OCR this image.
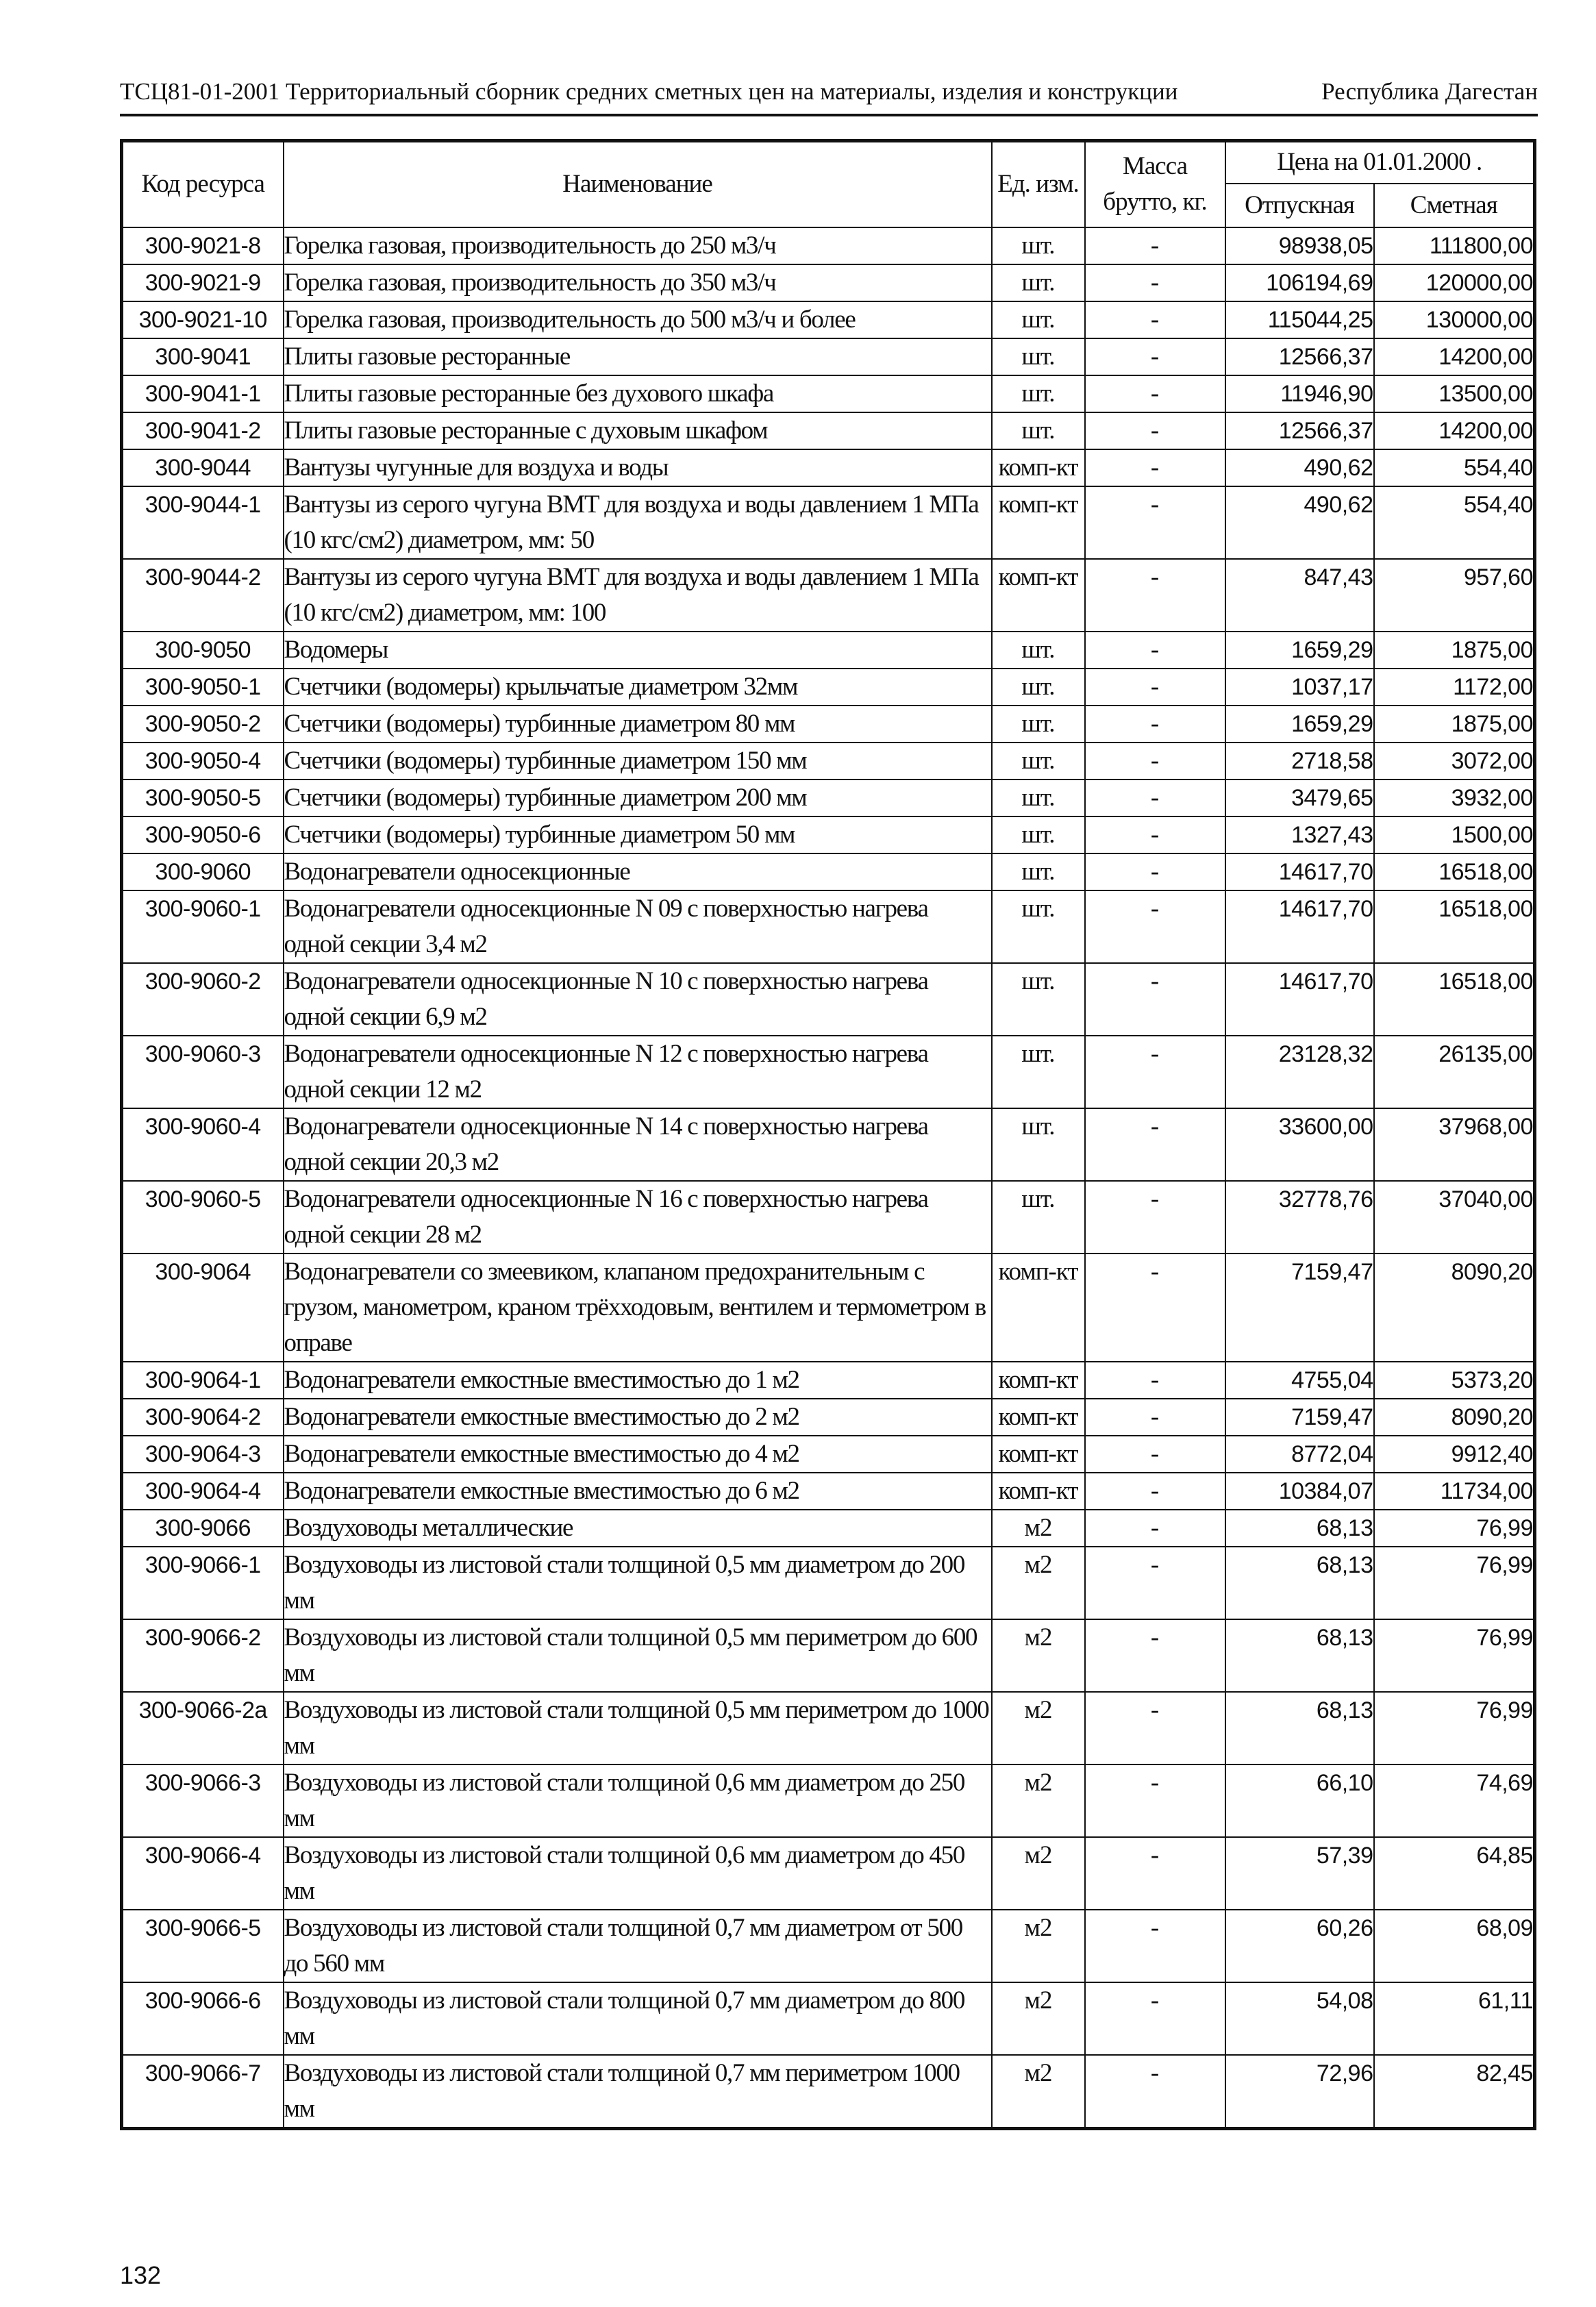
ТСЦ81-01-2001 Территориальный сборник средних сметных цен на материалы, изделия и конструкции	Республика Дагестан
Код ресурса	Наименование	Ед. изм.	Масса брутто, кг.	Цена на 01.01.2000 .	
				Отпускная	Сметная
300-9021-8	Горелка газовая, производительность до 250 м3/ч	шт.	-	98938,05	111800,00
300-9021-9	Горелка газовая, производительность до 350 м3/ч	шт.	-	106194,69	120000,00
300-9021-10	Горелка газовая, производительность до 500 м3/ч и более	шт.	-	115044,25	130000,00
300-9041	Плиты газовые ресторанные	шт.	-	12566,37	14200,00
300-9041-1	Плиты газовые ресторанные без духового шкафа	шт.	-	11946,90	13500,00
300-9041-2	Плиты газовые ресторанные с духовым шкафом	шт.	-	12566,37	14200,00
300-9044	Вантузы чугунные для воздуха и воды	комп-кт	-	490,62	554,40
300-9044-1	Вантузы из серого чугуна ВМТ для воздуха и воды давлением 1 МПа (10 кгс/см2) диаметром, мм: 50	комп-кт	-	490,62	554,40
300-9044-2	Вантузы из серого чугуна ВМТ для воздуха и воды давлением 1 МПа (10 кгс/см2) диаметром, мм: 100	комп-кт	-	847,43	957,60
300-9050	Водомеры	шт.	-	1659,29	1875,00
300-9050-1	Счетчики (водомеры) крыльчатые диаметром 32мм	шт.	-	1037,17	1172,00
300-9050-2	Счетчики (водомеры) турбинные диаметром 80 мм	шт.	-	1659,29	1875,00
300-9050-4	Счетчики (водомеры) турбинные диаметром 150 мм	шт.	-	2718,58	3072,00
300-9050-5	Счетчики (водомеры) турбинные диаметром 200 мм	шт.	-	3479,65	3932,00
300-9050-6	Счетчики (водомеры) турбинные диаметром 50 мм	шт.	-	1327,43	1500,00
300-9060	Водонагреватели односекционные	шт.	-	14617,70	16518,00
300-9060-1	Водонагреватели односекционные N 09 с поверхностью нагрева одной секции 3,4 м2	шт.	-	14617,70	16518,00
300-9060-2	Водонагреватели односекционные N 10 с поверхностью нагрева одной секции 6,9 м2	шт.	-	14617,70	16518,00
300-9060-3	Водонагреватели односекционные N 12 с поверхностью нагрева одной секции 12 м2	шт.	-	23128,32	26135,00
300-9060-4	Водонагреватели односекционные N 14 с поверхностью нагрева одной секции 20,3 м2	шт.	-	33600,00	37968,00
300-9060-5	Водонагреватели односекционные N 16 с поверхностью нагрева одной секции 28 м2	шт.	-	32778,76	37040,00
300-9064	Водонагреватели со змеевиком, клапаном предохранительным с грузом, манометром, краном трёхходовым, вентилем и термометром в оправе	комп-кт	-	7159,47	8090,20
300-9064-1	Водонагреватели емкостные вместимостью до 1 м2	комп-кт	-	4755,04	5373,20
300-9064-2	Водонагреватели емкостные вместимостью до 2 м2	комп-кт	-	7159,47	8090,20
300-9064-3	Водонагреватели емкостные вместимостью до 4 м2	комп-кт	-	8772,04	9912,40
300-9064-4	Водонагреватели емкостные вместимостью до 6 м2	комп-кт	-	10384,07	11734,00
300-9066	Воздуховоды металлические	м2	-	68,13	76,99
300-9066-1	Воздуховоды из листовой стали толщиной 0,5 мм диаметром до 200 мм	м2	-	68,13	76,99
300-9066-2	Воздуховоды из листовой стали толщиной 0,5 мм периметром до 600 мм	м2	-	68,13	76,99
300-9066-2а	Воздуховоды из листовой стали толщиной 0,5 мм периметром до 1000 мм	м2	-	68,13	76,99
300-9066-3	Воздуховоды из листовой стали толщиной 0,6 мм диаметром до 250 мм	м2	-	66,10	74,69
300-9066-4	Воздуховоды из листовой стали толщиной 0,6 мм диаметром до 450 мм	м2	-	57,39	64,85
300-9066-5	Воздуховоды из листовой стали толщиной 0,7 мм диаметром от 500 до 560 мм	м2	-	60,26	68,09
300-9066-6	Воздуховоды из листовой стали толщиной 0,7 мм диаметром до 800 мм	м2	-	54,08	61,11
300-9066-7	Воздуховоды из листовой стали толщиной 0,7 мм периметром 1000 мм	м2	-	72,96	82,45
132
